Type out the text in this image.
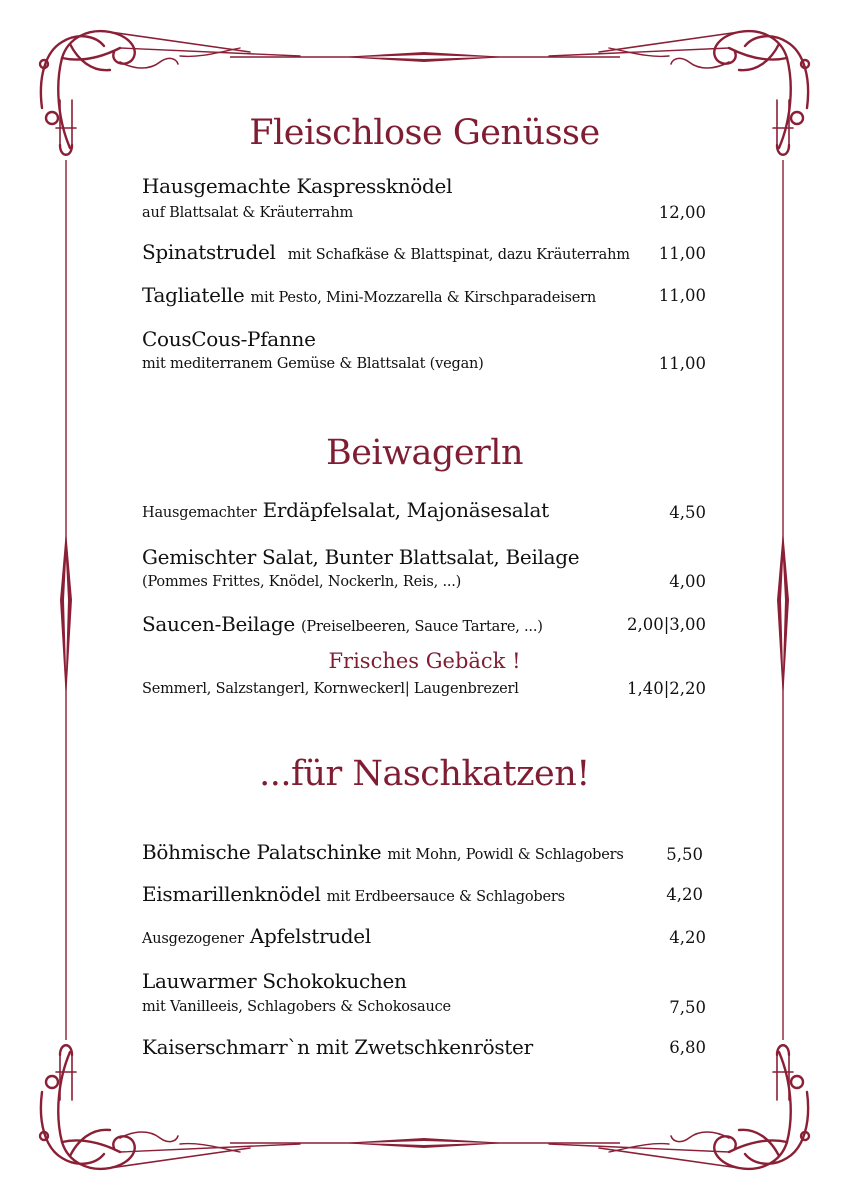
Fleischlose Genüsse
Hausgemachte Kaspressknödel
auf Blattsalat & Kräuterrahm	12,00
Spinatstrudel mit Schafkäse & Blattspinat, dazu Kräuterrahm	11,00
Tagliatelle mit Pesto, Mini-Mozzarella & Kirschparadeisern	11,00
CousCous-Pfanne
mit mediterranem Gemüse & Blattsalat (vegan)	11,00
Beiwagerln
Hausgemachter Erdäpfelsalat, Majonäsesalat	4,50
Gemischter Salat, Bunter Blattsalat, Beilage
(Pommes Frittes, Knödel, Nockerln, Reis, ...)	4,00
Saucen-Beilage (Preiselbeeren, Sauce Tartare, ...)	2,00|3,00
Frisches Gebäck !
Semmerl, Salzstangerl, Kornweckerl| Laugenbrezerl	1,40|2,20
...für Naschkatzen!
Böhmische Palatschinke mit Mohn, Powidl & Schlagobers	5,50
Eismarillenknödel mit Erdbeersauce & Schlagobers	4,20
Ausgezogener Apfelstrudel	4,20
Lauwarmer Schokokuchen
mit Vanilleeis, Schlagobers & Schokosauce	7,50
Kaiserschmarr`n mit Zwetschkenröster	6,80
